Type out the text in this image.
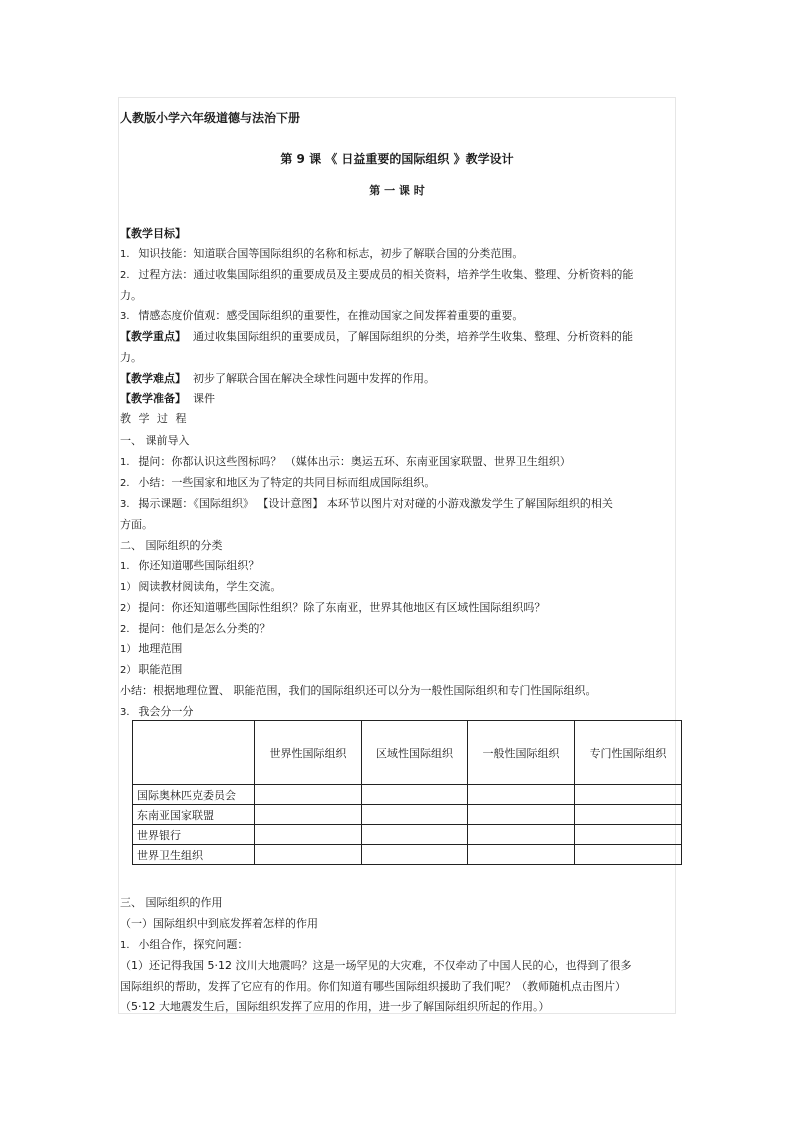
人教版小学六年级道德与法治下册
第 9 课 《 日益重要的国际组织 》教学设计
第 一 课 时
【教学目标】
1． 知识技能：知道联合国等国际组织的名称和标志，初步了解联合国的分类范围。
2． 过程方法：通过收集国际组织的重要成员及主要成员的相关资料，培养学生收集、整理、分析资料的能
力。
3． 情感态度价值观：感受国际组织的重要性，在推动国家之间发挥着重要的重要。
【教学重点】 通过收集国际组织的重要成员，了解国际组织的分类，培养学生收集、整理、分析资料的能
力。
【教学难点】 初步了解联合国在解决全球性问题中发挥的作用。
【教学准备】 课件
教 学 过 程
一、 课前导入
1． 提问：你都认识这些图标吗？ （媒体出示：奥运五环、东南亚国家联盟、世界卫生组织）
2． 小结：一些国家和地区为了特定的共同目标而组成国际组织。
3． 揭示课题：《国际组织》 【设计意图】 本环节以图片对对碰的小游戏激发学生了解国际组织的相关
方面。
二、 国际组织的分类
1． 你还知道哪些国际组织？
1） 阅读教材阅读角，学生交流。
2） 提问：你还知道哪些国际性组织？除了东南亚，世界其他地区有区域性国际组织吗？
2． 提问：他们是怎么分类的？
1） 地理范围
2） 职能范围
小结：根据地理位置、 职能范围，我们的国际组织还可以分为一般性国际组织和专门性国际组织。
3． 我会分一分
	世界性国际组织	区域性国际组织	一般性国际组织	专门性国际组织
国际奥林匹克委员会				
东南亚国家联盟				
世界银行				
世界卫生组织				
三、 国际组织的作用
（一）国际组织中到底发挥着怎样的作用
1． 小组合作，探究问题：
（1）还记得我国 5·12 汶川大地震吗？这是一场罕见的大灾难，不仅牵动了中国人民的心，也得到了很多
国际组织的帮助，发挥了它应有的作用。你们知道有哪些国际组织援助了我们呢？（教师随机点击图片）
（5·12 大地震发生后，国际组织发挥了应用的作用，进一步了解国际组织所起的作用。）
